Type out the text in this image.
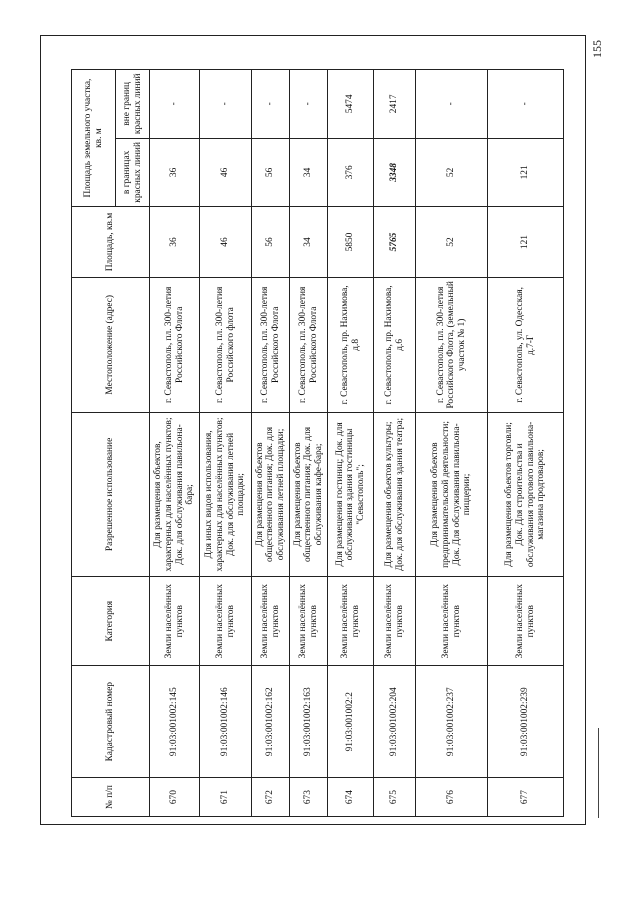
155
№ п/п	Кадастровый номер	Категория	Разрешенное использование	Местоположение (адрес)	Площадь, кв.м	Площадь земельного участка, кв. м	
						в границах красных линий	вне границ красных линий
670	91:03:001002:145	Земли населённых пунктов	Для размещения объектов, характерных для населённых пунктов; Док. для обслуживания павильона-бара;	г. Севастополь, пл. 300-летия Российского Флота	36	36	-
671	91:03:001002:146	Земли населённых пунктов	Для иных видов использования, характерных для населённых пунктов; Док. для обслуживания летней площадки;	г. Севастополь, пл. 300-летия Российского флота	46	46	-
672	91:03:001002:162	Земли населённых пунктов	Для размещения объектов общественного питания; Док. для обслуживания летней площадки;	г. Севастополь, пл. 300-летия Российского Флота	56	56	-
673	91:03:001002:163	Земли населённых пунктов	Для размещения объектов общественного питания; Док. для обслуживания кафе-бара;	г. Севастополь, пл. 300-летия Российского Флота	34	34	-
674	91:03:001002:2	Земли населённых пунктов	Для размещения гостиниц; Док. для обслуживания здания гостиницы "Севастополь";	г. Севастополь, пр. Нахимова, д.8	5850	376	5474
675	91:03:001002:204	Земли населённых пунктов	Для размещения объектов культуры; Док. для обслуживания здания театра;	г. Севастополь, пр. Нахимова, д.6	5765	3348	2417
676	91:03:001002:237	Земли населённых пунктов	Для размещения объектов предпринимательской деятельности; Док. Для обслуживания павильона-пиццерии;	г. Севастополь, пл. 300-летия Российского Флота, (земельный участок № 1)	52	52	-
677	91:03:001002:239	Земли населённых пунктов	Для размещения объектов торговли; Док. Для строительства и обслуживания торгового павильона-магазина продтоваров;	г. Севастополь, ул. Одесская, д.7-Г	121	121	-
